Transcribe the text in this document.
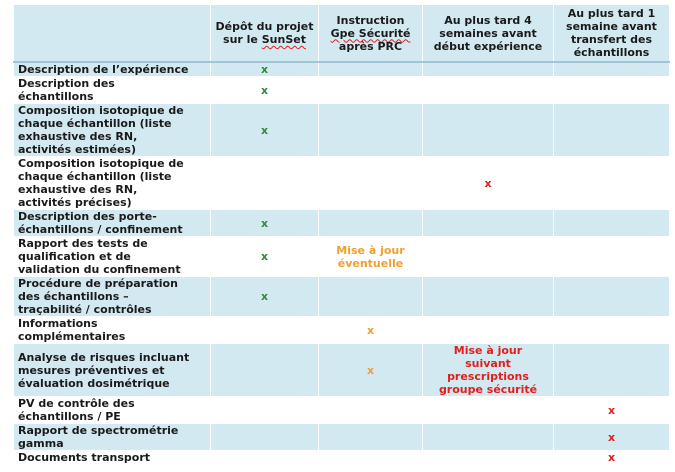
	Dépôt du projet
sur le SunSet	Instruction
Gpe Sécurité
après PRC	Au plus tard 4
semaines avant
début expérience	Au plus tard 1
semaine avant
transfert des
échantillons
Description de l’expérience	x			
Description des
échantillons	x			
Composition isotopique de
chaque échantillon (liste
exhaustive des RN,
activités estimées)	x			
Composition isotopique de
chaque échantillon (liste
exhaustive des RN,
activités précises)			x	
Description des porte-
échantillons / confinement	x			
Rapport des tests de
qualification et de
validation du confinement	x	Mise à jour
éventuelle		
Procédure de préparation
des échantillons –
traçabilité / contrôles	x			
Informations
complémentaires		x		
Analyse de risques incluant
mesures préventives et
évaluation dosimétrique		x	Mise à jour
suivant
prescriptions
groupe sécurité	
PV de contrôle des
échantillons / PE				x
Rapport de spectrométrie
gamma				x
Documents transport				x
